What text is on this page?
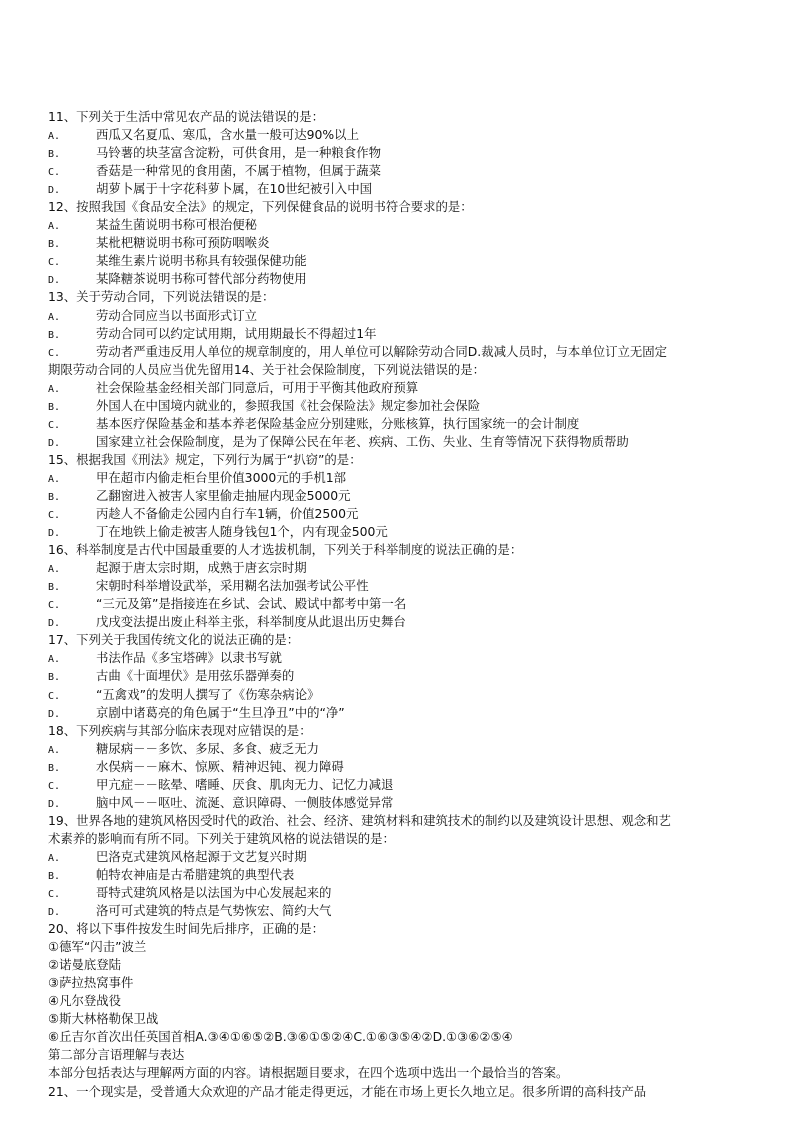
11、下列关于生活中常见农产品的说法错误的是：
A.	西瓜又名夏瓜、寒瓜，含水量一般可达90%以上
B.	马铃薯的块茎富含淀粉，可供食用，是一种粮食作物
C.	香菇是一种常见的食用菌，不属于植物，但属于蔬菜
D.	胡萝卜属于十字花科萝卜属，在10世纪被引入中国
12、按照我国《食品安全法》的规定，下列保健食品的说明书符合要求的是：
A.	某益生菌说明书称可根治便秘
B.	某枇杷糖说明书称可预防咽喉炎
C.	某维生素片说明书称具有较强保健功能
D.	某降糖茶说明书称可替代部分药物使用
13、关于劳动合同，下列说法错误的是：
A.	劳动合同应当以书面形式订立
B.	劳动合同可以约定试用期，试用期最长不得超过1年
C.	劳动者严重违反用人单位的规章制度的，用人单位可以解除劳动合同D.裁减人员时，与本单位订立无固定
期限劳动合同的人员应当优先留用14、关于社会保险制度，下列说法错误的是：
A.	社会保险基金经相关部门同意后，可用于平衡其他政府预算
B.	外国人在中国境内就业的，参照我国《社会保险法》规定参加社会保险
C.	基本医疗保险基金和基本养老保险基金应分别建账，分账核算，执行国家统一的会计制度
D.	国家建立社会保险制度，是为了保障公民在年老、疾病、工伤、失业、生育等情况下获得物质帮助
15、根据我国《刑法》规定，下列行为属于“扒窃”的是：
A.	甲在超市内偷走柜台里价值3000元的手机1部
B.	乙翻窗进入被害人家里偷走抽屉内现金5000元
C.	丙趁人不备偷走公园内自行车1辆，价值2500元
D.	丁在地铁上偷走被害人随身钱包1个，内有现金500元
16、科举制度是古代中国最重要的人才选拔机制，下列关于科举制度的说法正确的是：
A.	起源于唐太宗时期，成熟于唐玄宗时期
B.	宋朝时科举增设武举，采用糊名法加强考试公平性
C.	“三元及第”是指接连在乡试、会试、殿试中都考中第一名
D.	戊戌变法提出废止科举主张，科举制度从此退出历史舞台
17、下列关于我国传统文化的说法正确的是：
A.	书法作品《多宝塔碑》以隶书写就
B.	古曲《十面埋伏》是用弦乐器弹奏的
C.	“五禽戏”的发明人撰写了《伤寒杂病论》
D.	京剧中诸葛亮的角色属于“生旦净丑”中的“净”
18、下列疾病与其部分临床表现对应错误的是：
A.	糖尿病－－多饮、多尿、多食、疲乏无力
B.	水俣病－－麻木、惊厥、精神迟钝、视力障碍
C.	甲亢症－－眩晕、嗜睡、厌食、肌肉无力、记忆力减退
D.	脑中风－－呕吐、流涎、意识障碍、一侧肢体感觉异常
19、世界各地的建筑风格因受时代的政治、社会、经济、建筑材料和建筑技术的制约以及建筑设计思想、观念和艺
术素养的影响而有所不同。下列关于建筑风格的说法错误的是：
A.	巴洛克式建筑风格起源于文艺复兴时期
B.	帕特农神庙是古希腊建筑的典型代表
C.	哥特式建筑风格是以法国为中心发展起来的
D.	洛可可式建筑的特点是气势恢宏、简约大气
20、将以下事件按发生时间先后排序，正确的是：
①德军“闪击”波兰
②诺曼底登陆
③萨拉热窝事件
④凡尔登战役
⑤斯大林格勒保卫战
⑥丘吉尔首次出任英国首相A.③④①⑥⑤②B.③⑥①⑤②④C.①⑥③⑤④②D.①③⑥②⑤④
第二部分言语理解与表达
本部分包括表达与理解两方面的内容。请根据题目要求，在四个选项中选出一个最恰当的答案。
21、一个现实是，受普通大众欢迎的产品才能走得更远，才能在市场上更长久地立足。很多所谓的高科技产品
